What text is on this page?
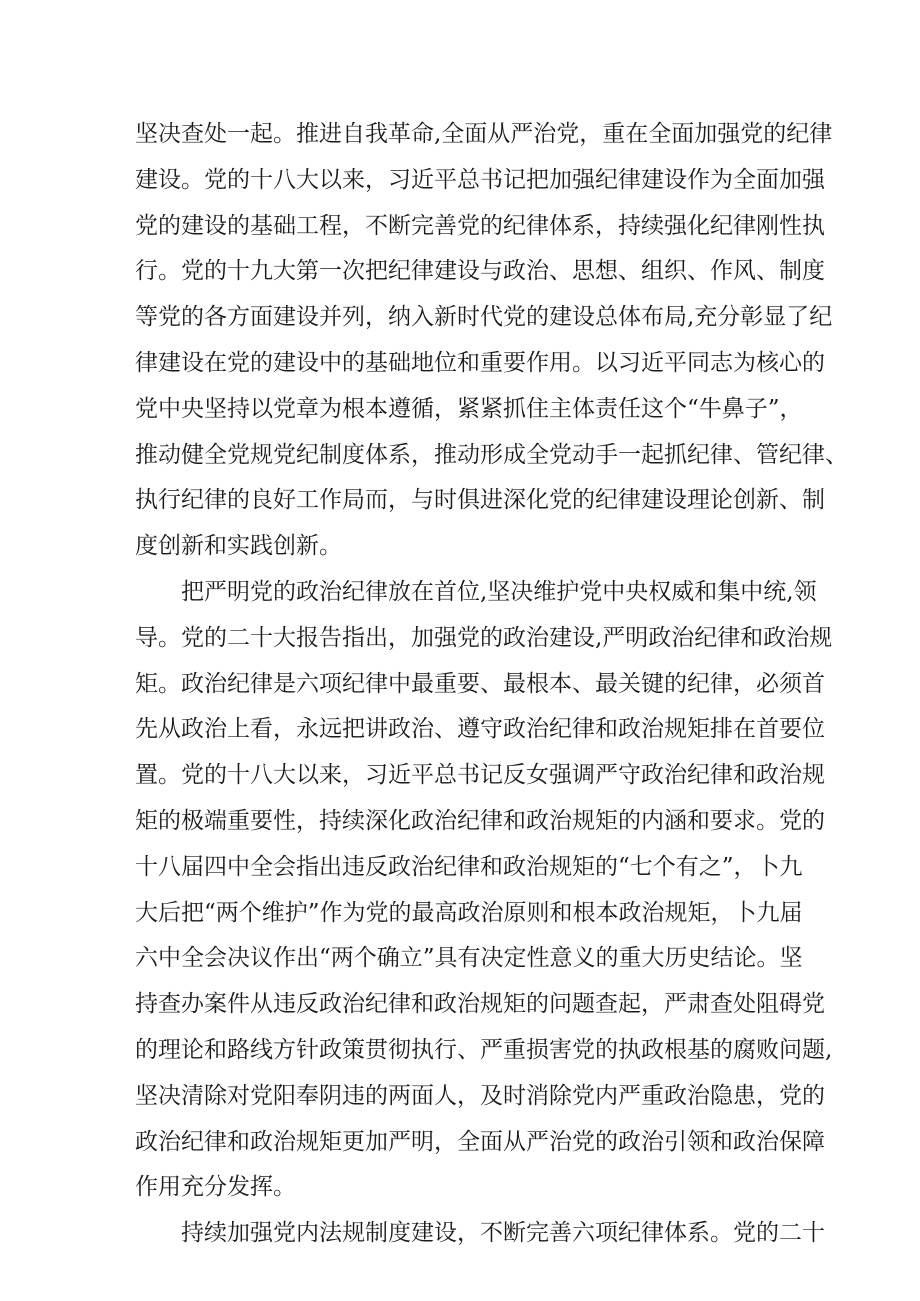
坚决查处一起。推进自我革命,全面从严治党，重在全面加强党的纪律
建设。党的十八大以来，习近平总书记把加强纪律建设作为全面加强
党的建设的基础工程，不断完善党的纪律体系，持续强化纪律刚性执
行。党的十九大第一次把纪律建设与政治、思想、组织、作风、制度
等党的各方面建设并列，纳入新时代党的建设总体布局,充分彰显了纪
律建设在党的建设中的基础地位和重要作用。以习近平同志为核心的
党中央坚持以党章为根本遵循，紧紧抓住主体责任这个“牛鼻子”，
推动健全党规党纪制度体系，推动形成全党动手一起抓纪律、管纪律、
执行纪律的良好工作局而，与时俱进深化党的纪律建设理论创新、制
度创新和实践创新。
把严明党的政治纪律放在首位,坚决维护党中央权威和集中统,领
导。党的二十大报告指出，加强党的政治建设,严明政治纪律和政治规
矩。政治纪律是六项纪律中最重要、最根本、最关键的纪律，必须首
先从政治上看，永远把讲政治、遵守政治纪律和政治规矩排在首要位
置。党的十八大以来，习近平总书记反女强调严守政治纪律和政治规
矩的极端重要性，持续深化政治纪律和政治规矩的内涵和要求。党的
十八届四中全会指出违反政治纪律和政治规矩的“七个有之”，卜九
大后把“两个维护”作为党的最高政治原则和根本政治规矩，卜九届
六中全会决议作出“两个确立”具有决定性意义的重大历史结论。坚
持查办案件从违反政治纪律和政治规矩的问题查起，严肃查处阻碍党
的理论和路线方针政策贯彻执行、严重损害党的执政根基的腐败问题,
坚决清除对党阳奉阴违的两面人，及时消除党内严重政治隐患，党的
政治纪律和政治规矩更加严明，全面从严治党的政治引领和政治保障
作用充分发挥。
持续加强党内法规制度建设，不断完善六项纪律体系。党的二十
